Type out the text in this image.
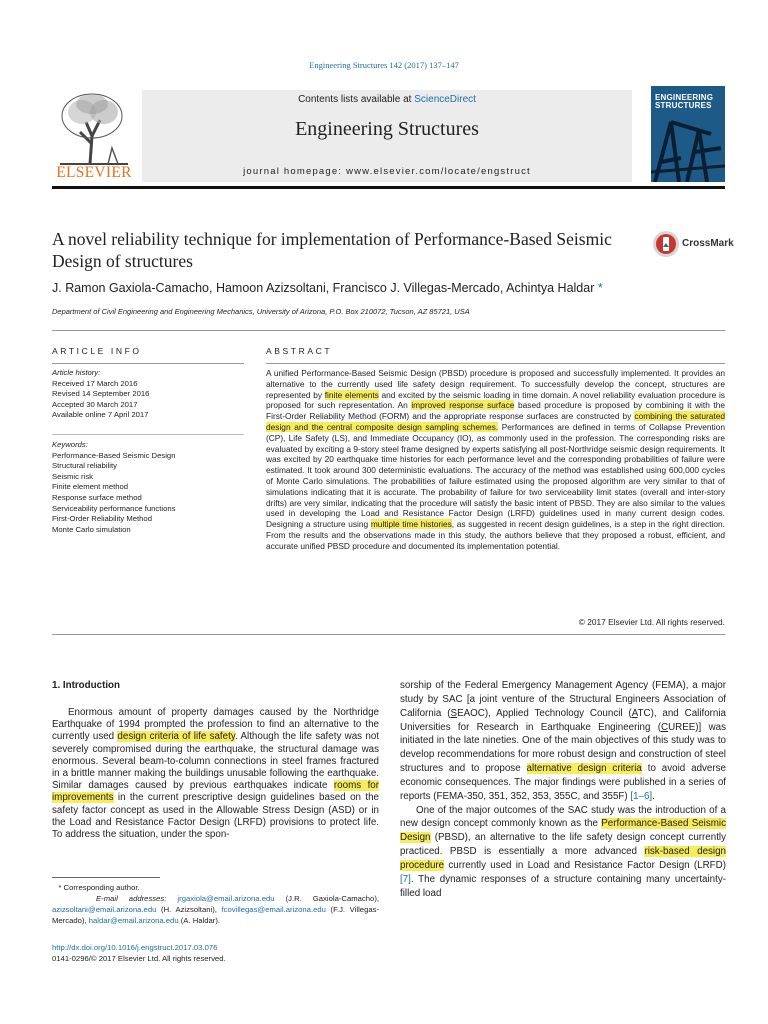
Engineering Structures 142 (2017) 137–147
ELSEVIER
Contents lists available at ScienceDirect
Engineering Structures
journal homepage: www.elsevier.com/locate/engstruct
ENGINEERING
STRUCTURES
A novel reliability technique for implementation of Performance-Based Seismic Design of structures
CrossMark
J. Ramon Gaxiola-Camacho, Hamoon Azizsoltani, Francisco J. Villegas-Mercado, Achintya Haldar *
Department of Civil Engineering and Engineering Mechanics, University of Arizona, P.O. Box 210072, Tucson, AZ 85721, USA
ARTICLE INFO
Article history:
Received 17 March 2016
Revised 14 September 2016
Accepted 30 March 2017
Available online 7 April 2017
Keywords:
Performance-Based Seismic Design
Structural reliability
Seismic risk
Finite element method
Response surface method
Serviceability performance functions
First-Order Reliability Method
Monte Carlo simulation
ABSTRACT
A unified Performance-Based Seismic Design (PBSD) procedure is proposed and successfully implemented. It provides an alternative to the currently used life safety design requirement. To successfully develop the concept, structures are represented by finite elements and excited by the seismic loading in time domain. A novel reliability evaluation procedure is proposed for such representation. An improved response surface based procedure is proposed by combining it with the First-Order Reliability Method (FORM) and the appropriate response surfaces are constructed by combining the saturated design and the central composite design sampling schemes. Performances are defined in terms of Collapse Prevention (CP), Life Safety (LS), and Immediate Occupancy (IO), as commonly used in the profession. The corresponding risks are evaluated by exciting a 9-story steel frame designed by experts satisfying all post-Northridge seismic design requirements. It was excited by 20 earthquake time histories for each performance level and the corresponding probabilities of failure were estimated. It took around 300 deterministic evaluations. The accuracy of the method was established using 600,000 cycles of Monte Carlo simulations. The probabilities of failure estimated using the proposed algorithm are very similar to that of simulations indicating that it is accurate. The probability of failure for two serviceability limit states (overall and inter-story drifts) are very similar, indicating that the procedure will satisfy the basic intent of PBSD. They are also similar to the values used in developing the Load and Resistance Factor Design (LRFD) guidelines used in many current design codes. Designing a structure using multiple time histories, as suggested in recent design guidelines, is a step in the right direction. From the results and the observations made in this study, the authors believe that they proposed a robust, efficient, and accurate unified PBSD procedure and documented its implementation potential.
© 2017 Elsevier Ltd. All rights reserved.
1. Introduction

Enormous amount of property damages caused by the Northridge Earthquake of 1994 prompted the profession to find an alternative to the currently used design criteria of life safety. Although the life safety was not severely compromised during the earthquake, the structural damage was enormous. Several beam-to-column connections in steel frames fractured in a brittle manner making the buildings unusable following the earthquake. Similar damages caused by previous earthquakes indicate rooms for improvements in the current prescriptive design guidelines based on the safety factor concept as used in the Allowable Stress Design (ASD) or in the Load and Resistance Factor Design (LRFD) provisions to protect life. To address the situation, under the spon-

sorship of the Federal Emergency Management Agency (FEMA), a major study by SAC [a joint venture of the Structural Engineers Association of California (SEAOC), Applied Technology Council (ATC), and California Universities for Research in Earthquake Engineering (CUREE)] was initiated in the late nineties. One of the main objectives of this study was to develop recommendations for more robust design and construction of steel structures and to propose alternative design criteria to avoid adverse economic consequences. The major findings were published in a series of reports (FEMA-350, 351, 352, 353, 355C, and 355F) [1–6].

One of the major outcomes of the SAC study was the introduction of a new design concept commonly known as the Performance-Based Seismic Design (PBSD), an alternative to the life safety design concept currently practiced. PBSD is essentially a more advanced risk-based design procedure currently used in Load and Resistance Factor Design (LRFD) [7]. The dynamic responses of a structure containing many uncertainty-filled load

* Corresponding author.
E-mail addresses: jrgaxiola@email.arizona.edu (J.R. Gaxiola-Camacho), azizsoltani@email.arizona.edu (H. Azizsoltani), fcovillegas@email.arizona.edu (F.J. Villegas-Mercado), haldar@email.arizona.edu (A. Haldar).
http://dx.doi.org/10.1016/j.engstruct.2017.03.076
0141-0296/© 2017 Elsevier Ltd. All rights reserved.
